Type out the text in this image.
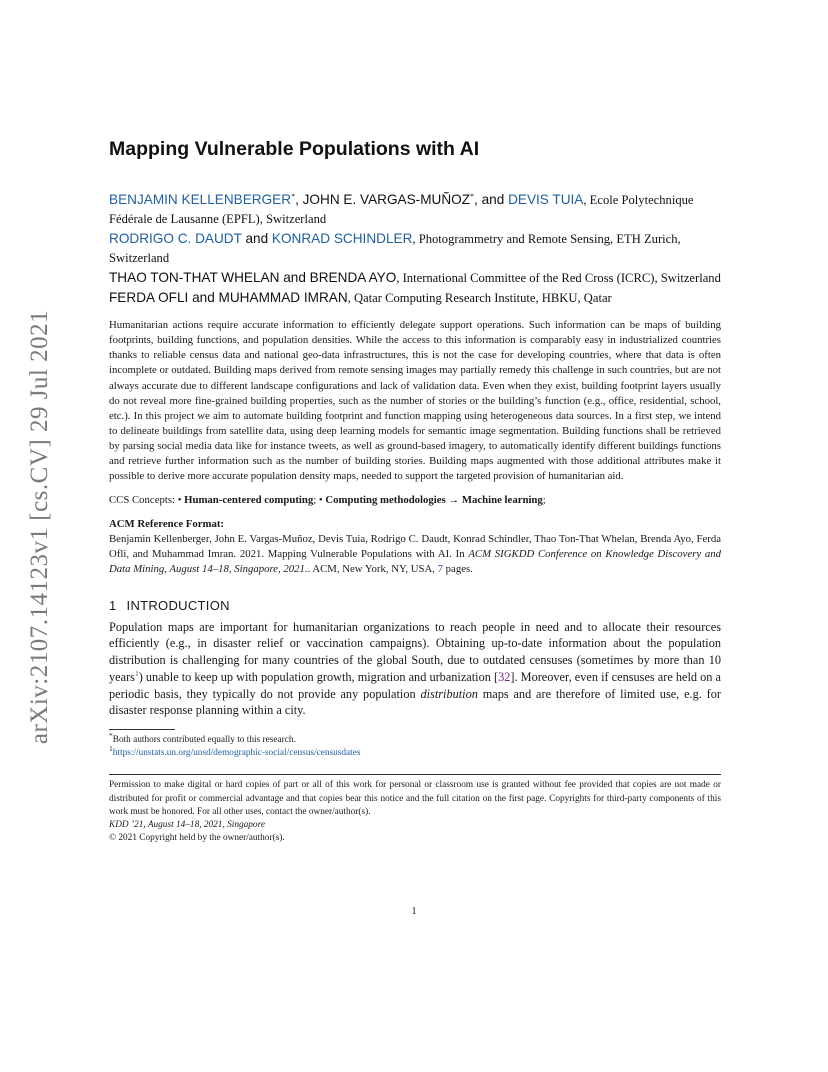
arXiv:2107.14123v1 [cs.CV] 29 Jul 2021
Mapping Vulnerable Populations with AI

BENJAMIN KELLENBERGER*, JOHN E. VARGAS-MUÑOZ*, and DEVIS TUIA, Ecole Polytechnique Fédérale de Lausanne (EPFL), Switzerland

RODRIGO C. DAUDT and KONRAD SCHINDLER, Photogrammetry and Remote Sensing, ETH Zurich, Switzerland

THAO TON-THAT WHELAN and BRENDA AYO, International Committee of the Red Cross (ICRC), Switzerland

FERDA OFLI and MUHAMMAD IMRAN, Qatar Computing Research Institute, HBKU, Qatar

Humanitarian actions require accurate information to efficiently delegate support operations. Such information can be maps of building footprints, building functions, and population densities. While the access to this information is comparably easy in industrialized countries thanks to reliable census data and national geo-data infrastructures, this is not the case for developing countries, where that data is often incomplete or outdated. Building maps derived from remote sensing images may partially remedy this challenge in such countries, but are not always accurate due to different landscape configurations and lack of validation data. Even when they exist, building footprint layers usually do not reveal more fine-grained building properties, such as the number of stories or the building’s function (e.g., office, residential, school, etc.). In this project we aim to automate building footprint and function mapping using heterogeneous data sources. In a first step, we intend to delineate buildings from satellite data, using deep learning models for semantic image segmentation. Building functions shall be retrieved by parsing social media data like for instance tweets, as well as ground-based imagery, to automatically identify different buildings functions and retrieve further information such as the number of building stories. Building maps augmented with those additional attributes make it possible to derive more accurate population density maps, needed to support the targeted provision of humanitarian aid.

CCS Concepts: • Human-centered computing; • Computing methodologies → Machine learning;

ACM Reference Format:

Benjamin Kellenberger, John E. Vargas-Muñoz, Devis Tuia, Rodrigo C. Daudt, Konrad Schindler, Thao Ton-That Whelan, Brenda Ayo, Ferda Ofli, and Muhammad Imran. 2021. Mapping Vulnerable Populations with AI. In ACM SIGKDD Conference on Knowledge Discovery and Data Mining, August 14–18, Singapore, 2021.. ACM, New York, NY, USA, 7 pages.

1 INTRODUCTION

Population maps are important for humanitarian organizations to reach people in need and to allocate their resources efficiently (e.g., in disaster relief or vaccination campaigns). Obtaining up-to-date information about the population distribution is challenging for many countries of the global South, due to outdated censuses (sometimes by more than 10 years$^1$) unable to keep up with population growth, migration and urbanization [32]. Moreover, even if censuses are held on a periodic basis, they typically do not provide any population distribution maps and are therefore of limited use, e.g. for disaster response planning within a city.

*Both authors contributed equally to this research.

$^1$https://unstats.un.org/unsd/demographic-social/census/censusdates

Permission to make digital or hard copies of part or all of this work for personal or classroom use is granted without fee provided that copies are not made or distributed for profit or commercial advantage and that copies bear this notice and the full citation on the first page. Copyrights for third-party components of this work must be honored. For all other uses, contact the owner/author(s).

KDD ’21, August 14–18, 2021, Singapore

© 2021 Copyright held by the owner/author(s).

1
